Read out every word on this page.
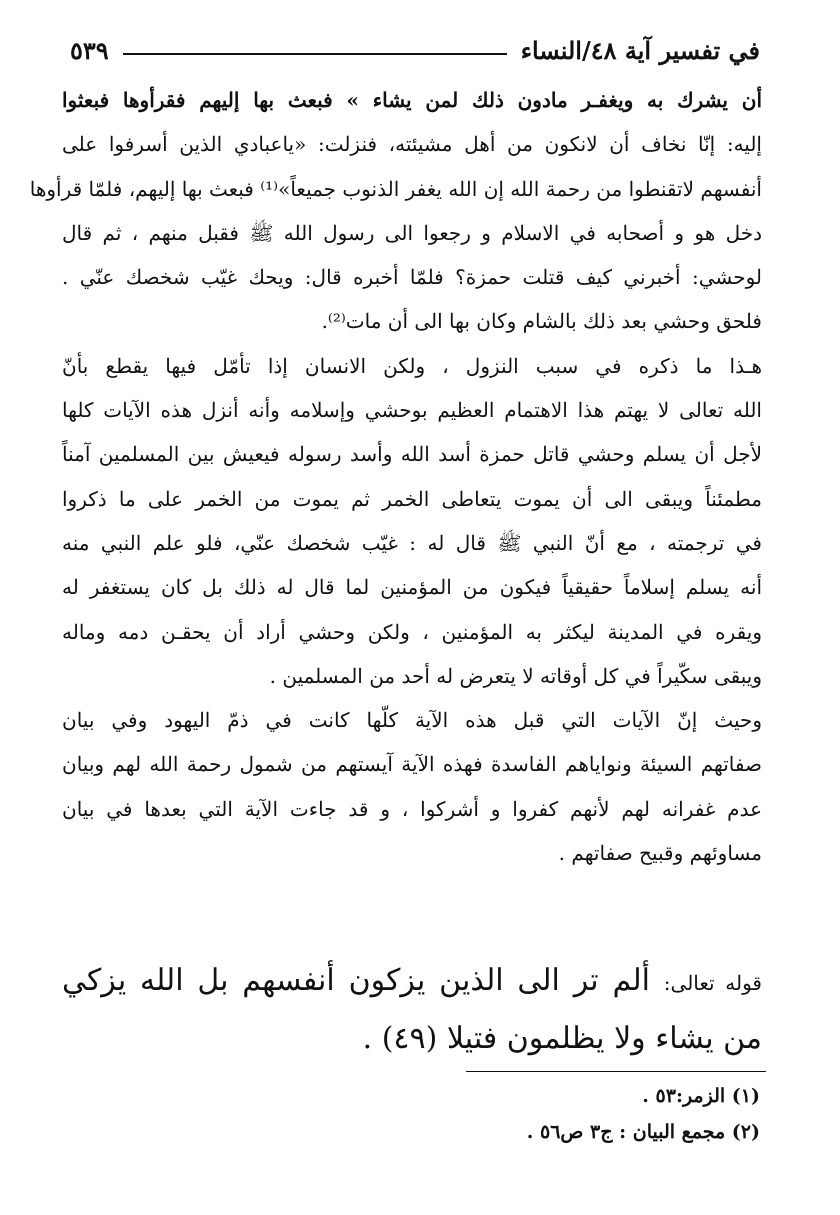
في تفسير آية ٤٨/النساء
٥٣٩
أن يشرك به ويغفـر مادون ذلك لمن يشاء » فبعث بها إليهم فقرأوها فبعثوا
إليه: إنّا نخاف أن لانكون من أهل مشيئته، فنزلت: «ياعبادي الذين أسرفوا على
أنفسهم لاتقنطوا من رحمة الله إن الله يغفر الذنوب جميعاً»⁽¹⁾ فبعث بها إليهم، فلمّا قرأوها
دخل هو و أصحابه في الاسلام و رجعوا الى رسول الله ﷺ فقبل منهم ، ثم قال
لوحشي: أخبرني كيف قتلت حمزة؟ فلمّا أخبره قال: ويحك غيّب شخصك عنّي .
فلحق وحشي بعد ذلك بالشام وكان بها الى أن مات⁽²⁾.
هـذا ما ذكره في سبب النزول ، ولكن الانسان إذا تأمّل فيها يقطع بأنّ
الله تعالى لا يهتم هذا الاهتمام العظيم بوحشي وإسلامه وأنه أنزل هذه الآيات كلها
لأجل أن يسلم وحشي قاتل حمزة أسد الله وأسد رسوله فيعيش بين المسلمين آمناً
مطمئناً ويبقى الى أن يموت يتعاطى الخمر ثم يموت من الخمر على ما ذكروا
في ترجمته ، مع أنّ النبي ﷺ قال له : غيّب شخصك عنّي، فلو علم النبي منه
أنه يسلم إسلاماً حقيقياً فيكون من المؤمنين لما قال له ذلك بل كان يستغفر له
ويقره في المدينة ليكثر به المؤمنين ، ولكن وحشي أراد أن يحقـن دمه وماله
ويبقى سكّيراً في كل أوقاته لا يتعرض له أحد من المسلمين .
وحيث إنّ الآيات التي قبل هذه الآية كلّها كانت في ذمّ اليهود وفي بيان
صفاتهم السيئة ونواياهم الفاسدة فهذه الآية آيستهم من شمول رحمة الله لهم وبيان
عدم غفرانه لهم لأنهم كفروا و أشركوا ، و قد جاءت الآية التي بعدها في بيان
مساوئهم وقبيح صفاتهم .
قوله تعالى: ألم تر الى الذين يزكون أنفسهم بل الله يزكي
من يشاء ولا يظلمون فتيلا (٤٩) .
(١) الزمر:٥٣ .
(٢) مجمع البيان : ج٣ ص٥٦ .
